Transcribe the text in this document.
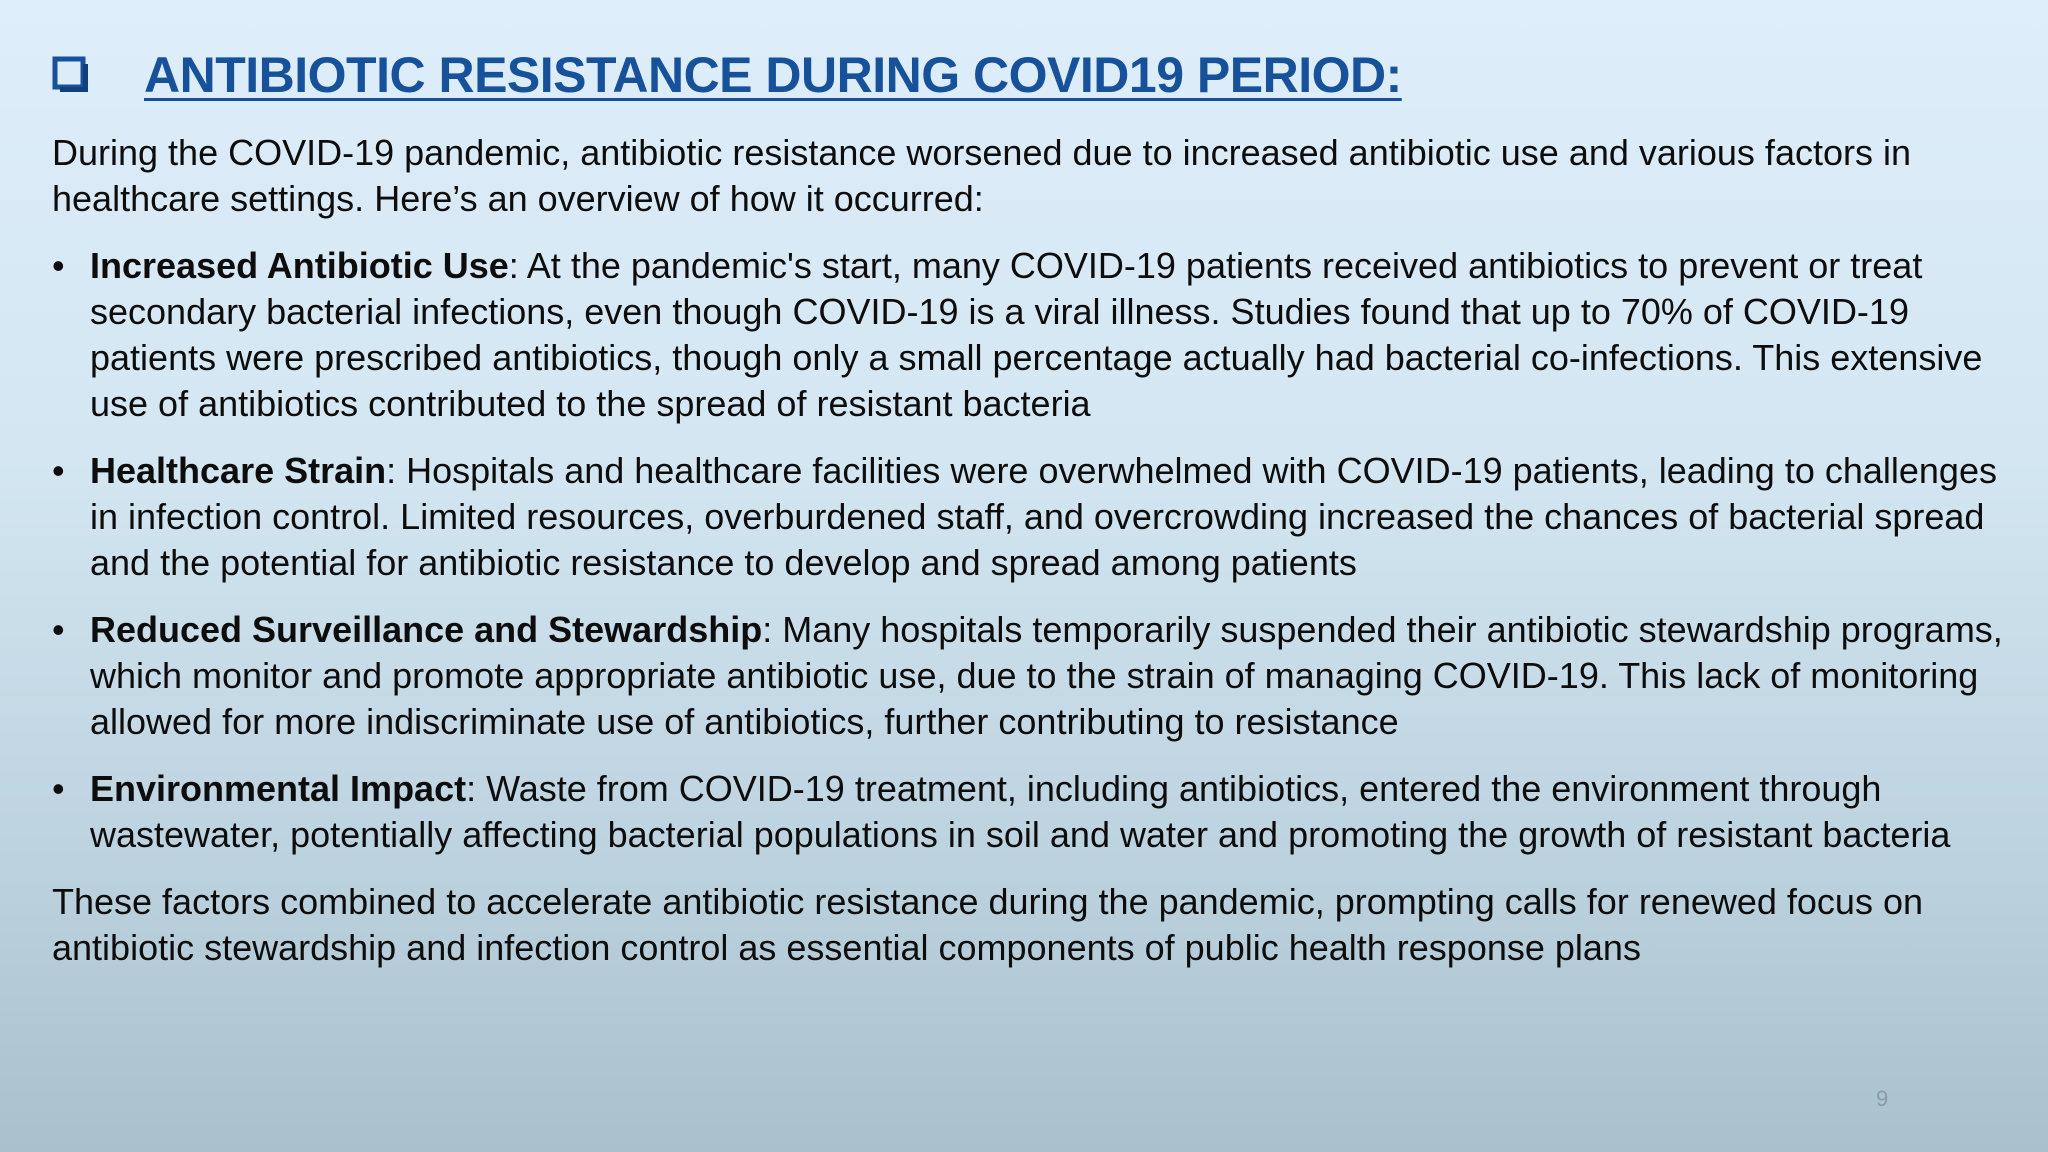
ANTIBIOTIC RESISTANCE DURING COVID19 PERIOD:

During the COVID-19 pandemic, antibiotic resistance worsened due to increased antibiotic use and various factors in healthcare settings. Here’s an overview of how it occurred:

• Increased Antibiotic Use: At the pandemic's start, many COVID-19 patients received antibiotics to prevent or treat secondary bacterial infections, even though COVID-19 is a viral illness. Studies found that up to 70% of COVID-19 patients were prescribed antibiotics, though only a small percentage actually had bacterial co-infections. This extensive use of antibiotics contributed to the spread of resistant bacteria
• Healthcare Strain: Hospitals and healthcare facilities were overwhelmed with COVID-19 patients, leading to challenges in infection control. Limited resources, overburdened staff, and overcrowding increased the chances of bacterial spread and the potential for antibiotic resistance to develop and spread among patients
• Reduced Surveillance and Stewardship: Many hospitals temporarily suspended their antibiotic stewardship programs, which monitor and promote appropriate antibiotic use, due to the strain of managing COVID-19. This lack of monitoring allowed for more indiscriminate use of antibiotics, further contributing to resistance
• Environmental Impact: Waste from COVID-19 treatment, including antibiotics, entered the environment through wastewater, potentially affecting bacterial populations in soil and water and promoting the growth of resistant bacteria

These factors combined to accelerate antibiotic resistance during the pandemic, prompting calls for renewed focus on antibiotic stewardship and infection control as essential components of public health response plans

9
